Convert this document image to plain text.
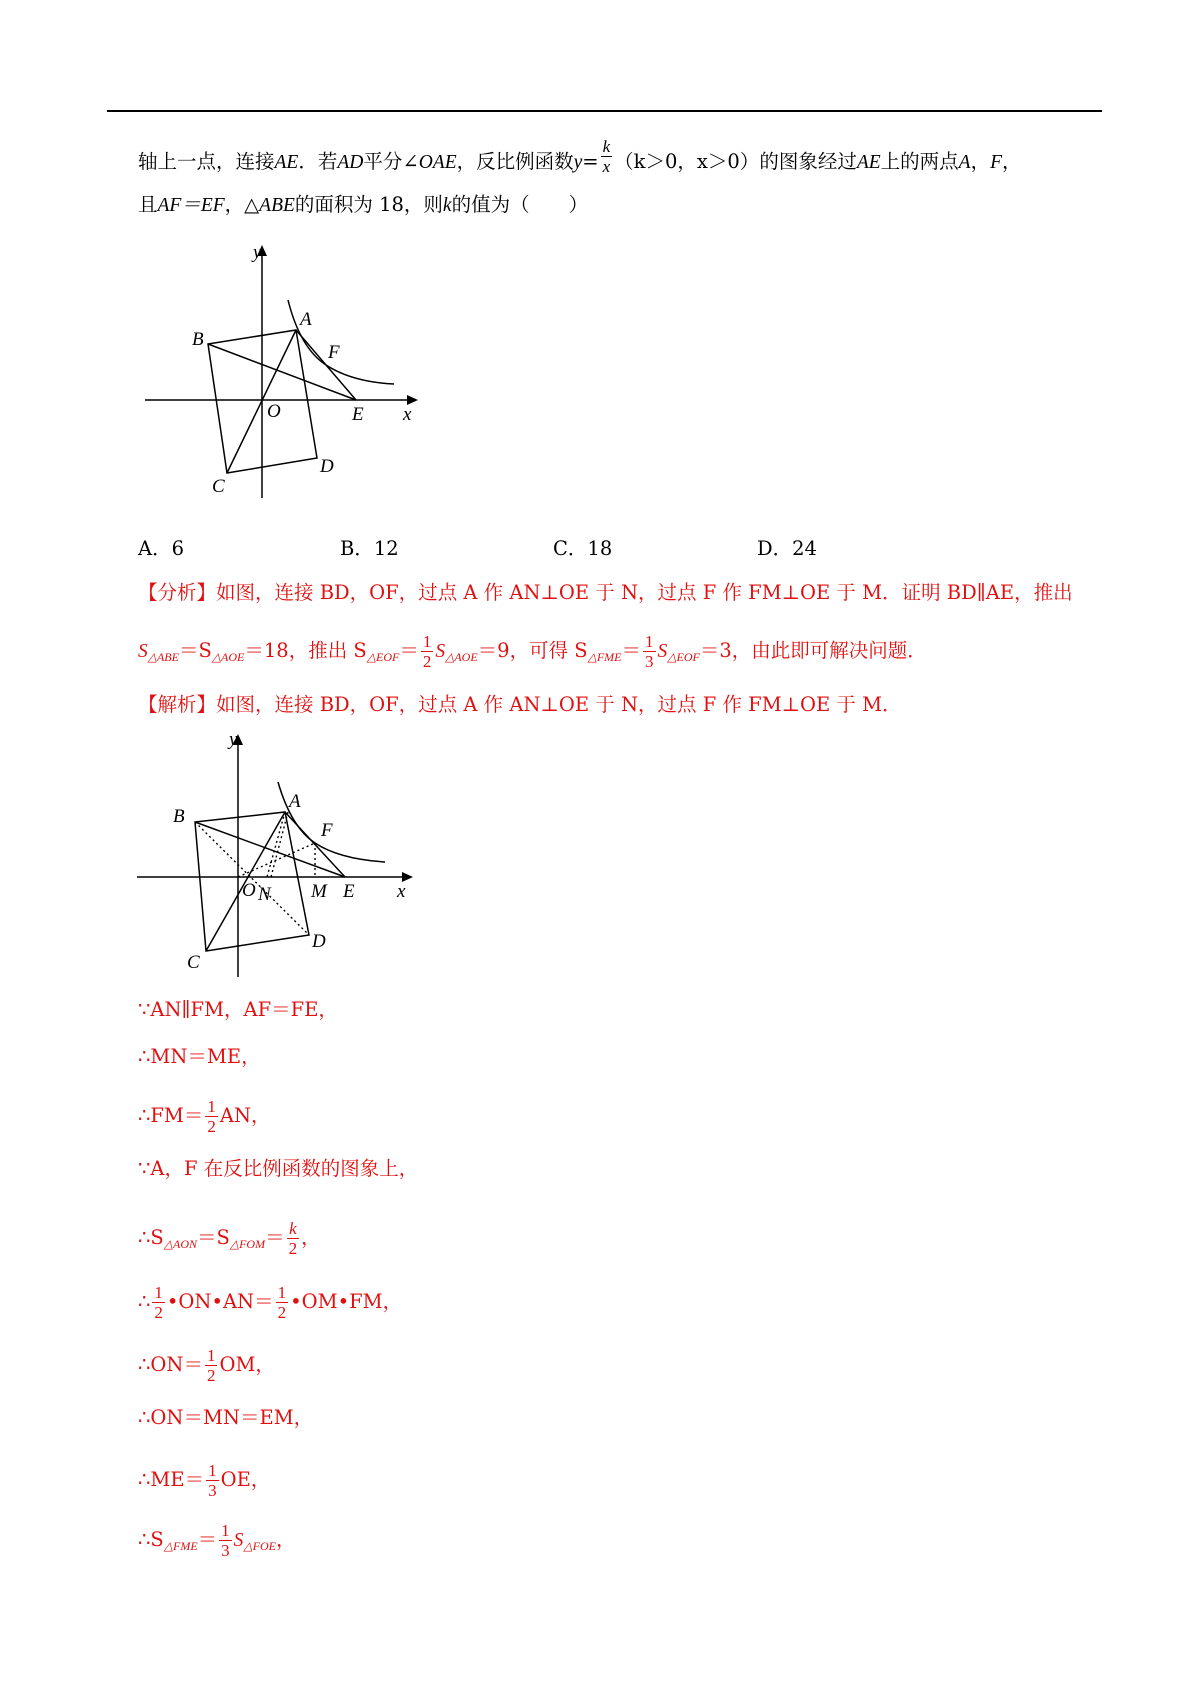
轴上一点，连接AE．若AD平分∠OAE，反比例函数$y= \frac{k}{x} (k>0$，x＞0）的图象经过AE上的两点A，F，
且AF＝EF，△ABE的面积为 18，则k的值为（　　）
y
x
A
B
C
D
E
F
O
A．6	B．12	C．18	D．24
【分析】如图，连接 BD，OF，过点 A 作 AN⊥OE 于 N，过点 F 作 FM⊥OE 于 M．证明 BD∥AE，推出
$S_{\triangle ABE}=S_{\triangle AOE}=18$，推出 $S_{\triangle EOF}= \frac{1}{2} S_{\triangle AOE}=9$，可得 $S_{\triangle FME}= \frac{1}{3} S_{\triangle EOF}=3$，由此即可解决问题．
【解析】如图，连接 BD，OF，过点 A 作 AN⊥OE 于 N，过点 F 作 FM⊥OE 于 M．
y
x
A
B
C
D
E
F
O N M
∵AN∥FM，AF＝FE，
∴MN＝ME，
∴FM＝ $\frac{1}{2}$ AN，
∵A，F 在反比例函数的图象上，
$\therefore S_{\triangle AON}=S_{\triangle FOM}= \frac{k}{2}$ ，
∴ $\frac{1}{2}$ •ON•AN＝ $\frac{1}{2}$ •OM•FM，
∴ON＝ $\frac{1}{2}$ OM，
∴ON＝MN＝EM，
∴ME＝ $\frac{1}{3}$ OE，
$\therefore S_{\triangle FME}= \frac{1}{3} S_{\triangle FOE}$，
